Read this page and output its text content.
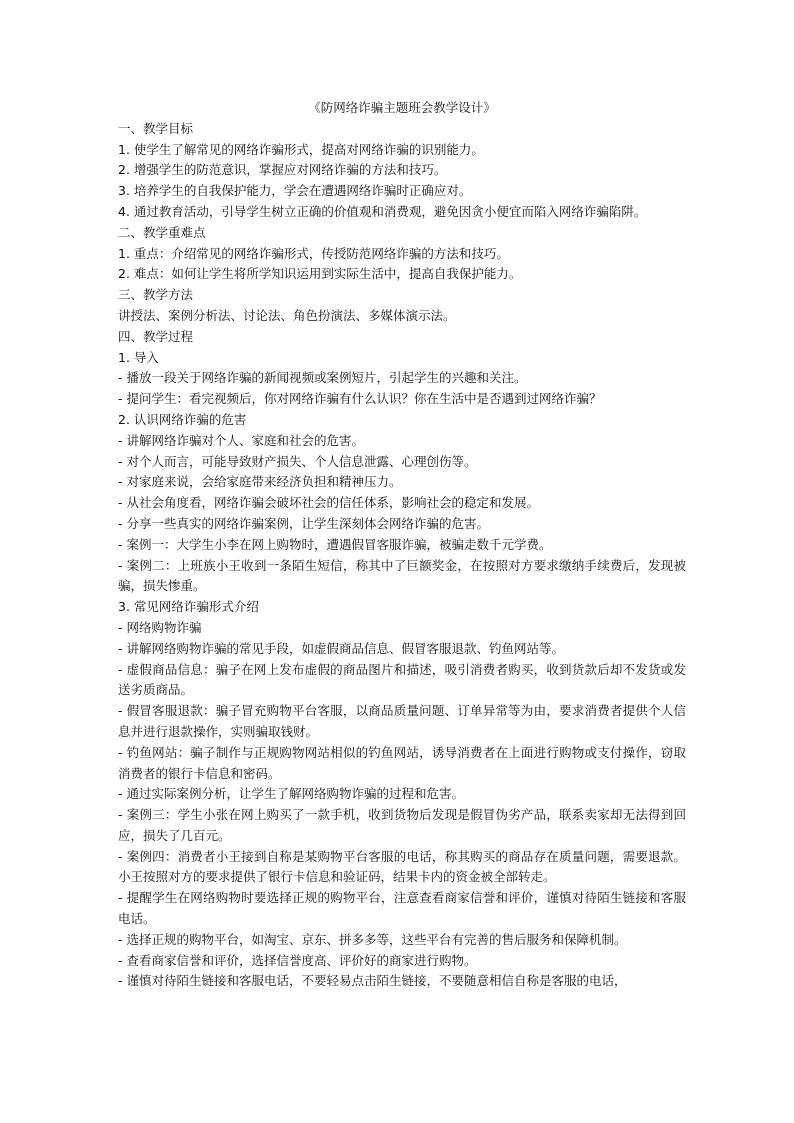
《防网络诈骗主题班会教学设计》

一、教学目标

1. 使学生了解常见的网络诈骗形式，提高对网络诈骗的识别能力。

2. 增强学生的防范意识，掌握应对网络诈骗的方法和技巧。

3. 培养学生的自我保护能力，学会在遭遇网络诈骗时正确应对。

4. 通过教育活动，引导学生树立正确的价值观和消费观，避免因贪小便宜而陷入网络诈骗陷阱。

二、教学重难点

1. 重点：介绍常见的网络诈骗形式，传授防范网络诈骗的方法和技巧。

2. 难点：如何让学生将所学知识运用到实际生活中，提高自我保护能力。

三、教学方法

讲授法、案例分析法、讨论法、角色扮演法、多媒体演示法。

四、教学过程

1. 导入

- 播放一段关于网络诈骗的新闻视频或案例短片，引起学生的兴趣和关注。

- 提问学生：看完视频后，你对网络诈骗有什么认识？你在生活中是否遇到过网络诈骗？

2. 认识网络诈骗的危害

- 讲解网络诈骗对个人、家庭和社会的危害。

- 对个人而言，可能导致财产损失、个人信息泄露、心理创伤等。

- 对家庭来说，会给家庭带来经济负担和精神压力。

- 从社会角度看，网络诈骗会破坏社会的信任体系，影响社会的稳定和发展。

- 分享一些真实的网络诈骗案例，让学生深刻体会网络诈骗的危害。

- 案例一：大学生小李在网上购物时，遭遇假冒客服诈骗，被骗走数千元学费。

- 案例二：上班族小王收到一条陌生短信，称其中了巨额奖金，在按照对方要求缴纳手续费后，发现被骗，损失惨重。

3. 常见网络诈骗形式介绍

- 网络购物诈骗

- 讲解网络购物诈骗的常见手段，如虚假商品信息、假冒客服退款、钓鱼网站等。

- 虚假商品信息：骗子在网上发布虚假的商品图片和描述，吸引消费者购买，收到货款后却不发货或发送劣质商品。

- 假冒客服退款：骗子冒充购物平台客服，以商品质量问题、订单异常等为由，要求消费者提供个人信息并进行退款操作，实则骗取钱财。

- 钓鱼网站：骗子制作与正规购物网站相似的钓鱼网站，诱导消费者在上面进行购物或支付操作，窃取消费者的银行卡信息和密码。

- 通过实际案例分析，让学生了解网络购物诈骗的过程和危害。

- 案例三：学生小张在网上购买了一款手机，收到货物后发现是假冒伪劣产品，联系卖家却无法得到回应，损失了几百元。

- 案例四：消费者小王接到自称是某购物平台客服的电话，称其购买的商品存在质量问题，需要退款。小王按照对方的要求提供了银行卡信息和验证码，结果卡内的资金被全部转走。

- 提醒学生在网络购物时要选择正规的购物平台，注意查看商家信誉和评价，谨慎对待陌生链接和客服电话。

- 选择正规的购物平台，如淘宝、京东、拼多多等，这些平台有完善的售后服务和保障机制。

- 查看商家信誉和评价，选择信誉度高、评价好的商家进行购物。

- 谨慎对待陌生链接和客服电话，不要轻易点击陌生链接，不要随意相信自称是客服的电话，
